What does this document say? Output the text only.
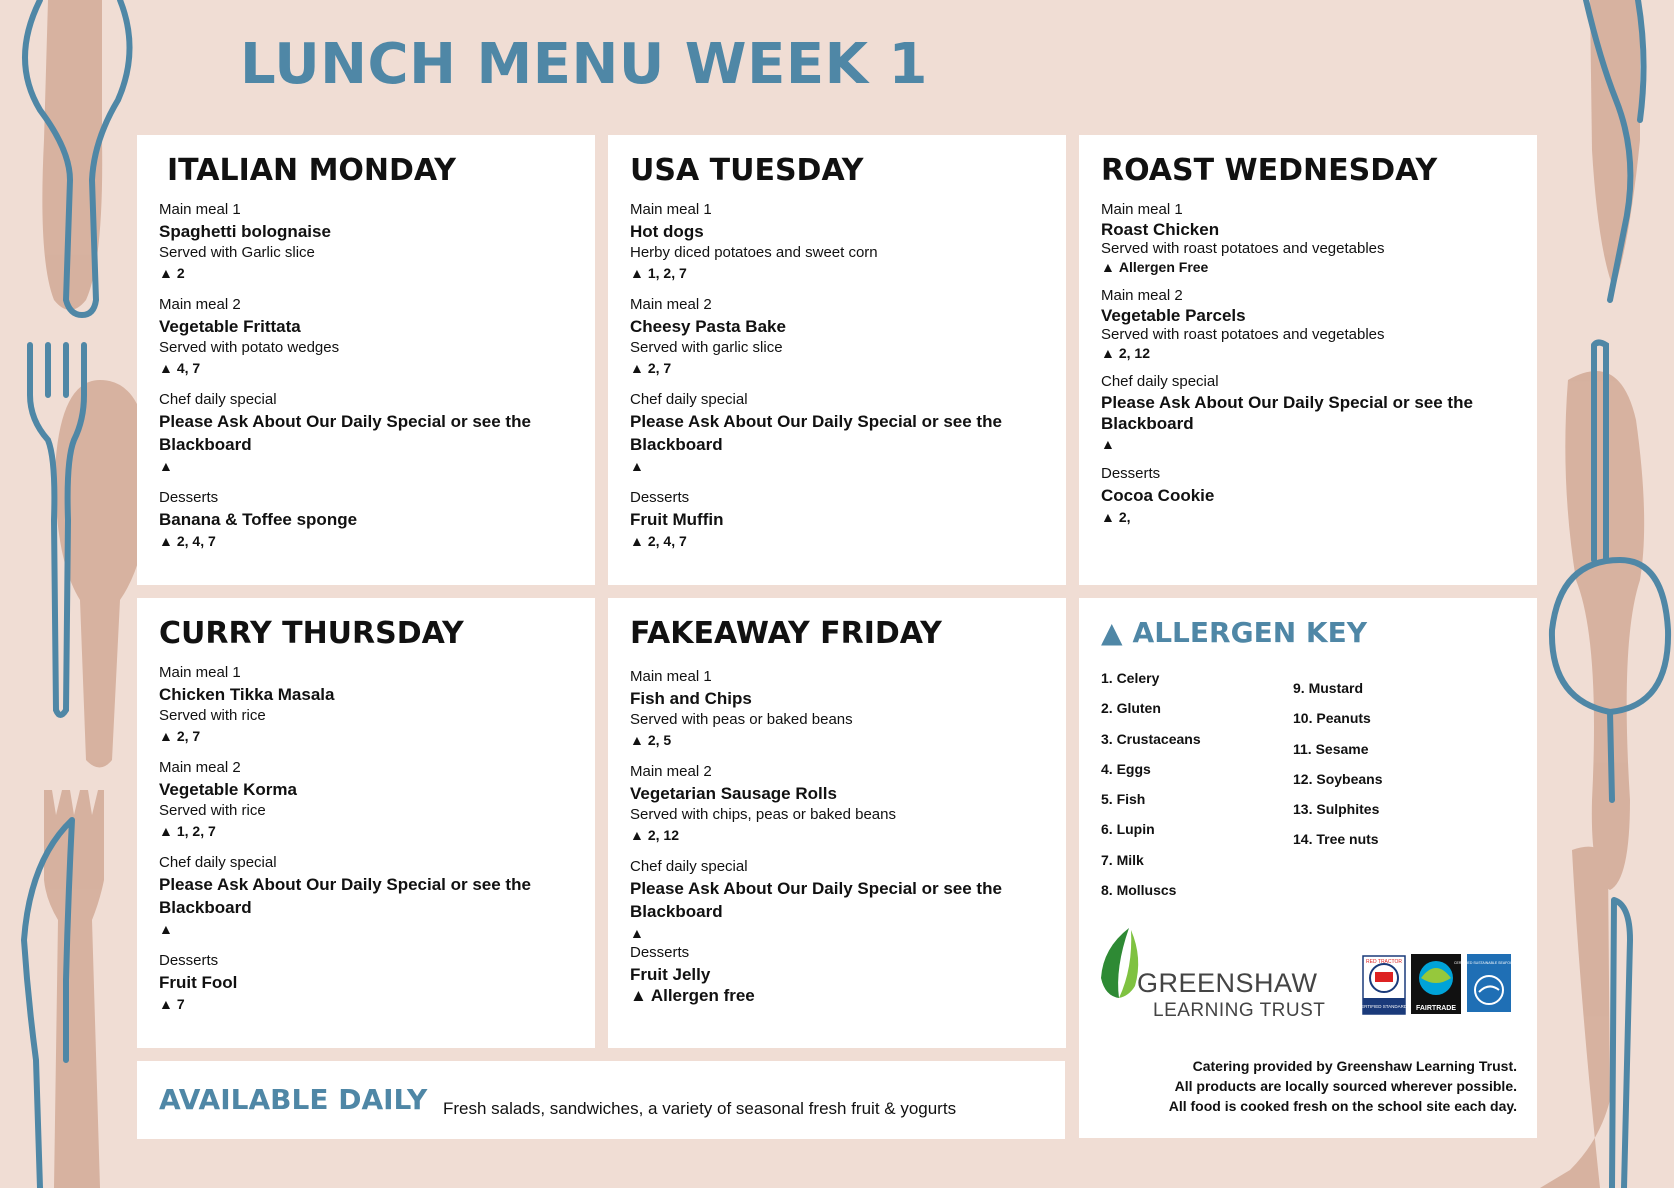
LUNCH MENU WEEK 1
ITALIAN MONDAY
Main meal 1
Spaghetti bolognaise
Served with Garlic slice
▲ 2
Main meal 2
Vegetable Frittata
Served with potato wedges
▲ 4, 7
Chef daily special
Please Ask About Our Daily Special or see the Blackboard
▲
Desserts
Banana & Toffee sponge
▲ 2, 4, 7
USA TUESDAY
Main meal 1
Hot dogs
Herby diced potatoes and sweet corn
▲ 1, 2, 7
Main meal 2
Cheesy Pasta Bake
Served with garlic slice
▲ 2, 7
Chef daily special
Please Ask About Our Daily Special or see the Blackboard
▲
Desserts
Fruit Muffin
▲ 2, 4, 7
ROAST WEDNESDAY
Main meal 1
Roast Chicken
Served with roast potatoes and vegetables
▲ Allergen Free
Main meal 2
Vegetable Parcels
Served with roast potatoes and vegetables
▲ 2, 12
Chef daily special
Please Ask About Our Daily Special or see the Blackboard
▲
Desserts
Cocoa Cookie
▲ 2,
CURRY THURSDAY
Main meal 1
Chicken Tikka Masala
Served with rice
▲ 2, 7
Main meal 2
Vegetable Korma
Served with rice
▲ 1, 2, 7
Chef daily special
Please Ask About Our Daily Special or see the Blackboard
▲
Desserts
Fruit Fool
▲ 7
FAKEAWAY FRIDAY
Main meal 1
Fish and Chips
Served with peas or baked beans
▲ 2, 5
Main meal 2
Vegetarian Sausage Rolls
Served with chips, peas or baked beans
▲ 2, 12
Chef daily special
Please Ask About Our Daily Special or see the Blackboard
▲
Desserts
Fruit Jelly
▲ Allergen free
▲ ALLERGEN KEY
1. Celery
2. Gluten
3. Crustaceans
4. Eggs
5. Fish
6. Lupin
7. Milk
8. Molluscs
9. Mustard
10. Peanuts
11. Sesame
12. Soybeans
13. Sulphites
14. Tree nuts
GREENSHAW
LEARNING TRUST
RED TRACTOR
CERTIFIED STANDARDS FAIRTRADE
CERTIFIED SUSTAINABLE SEAFOOD MSC
Catering provided by Greenshaw Learning Trust.
All products are locally sourced wherever possible.
All food is cooked fresh on the school site each day.
AVAILABLE DAILY Fresh salads, sandwiches, a variety of seasonal fresh fruit & yogurts
